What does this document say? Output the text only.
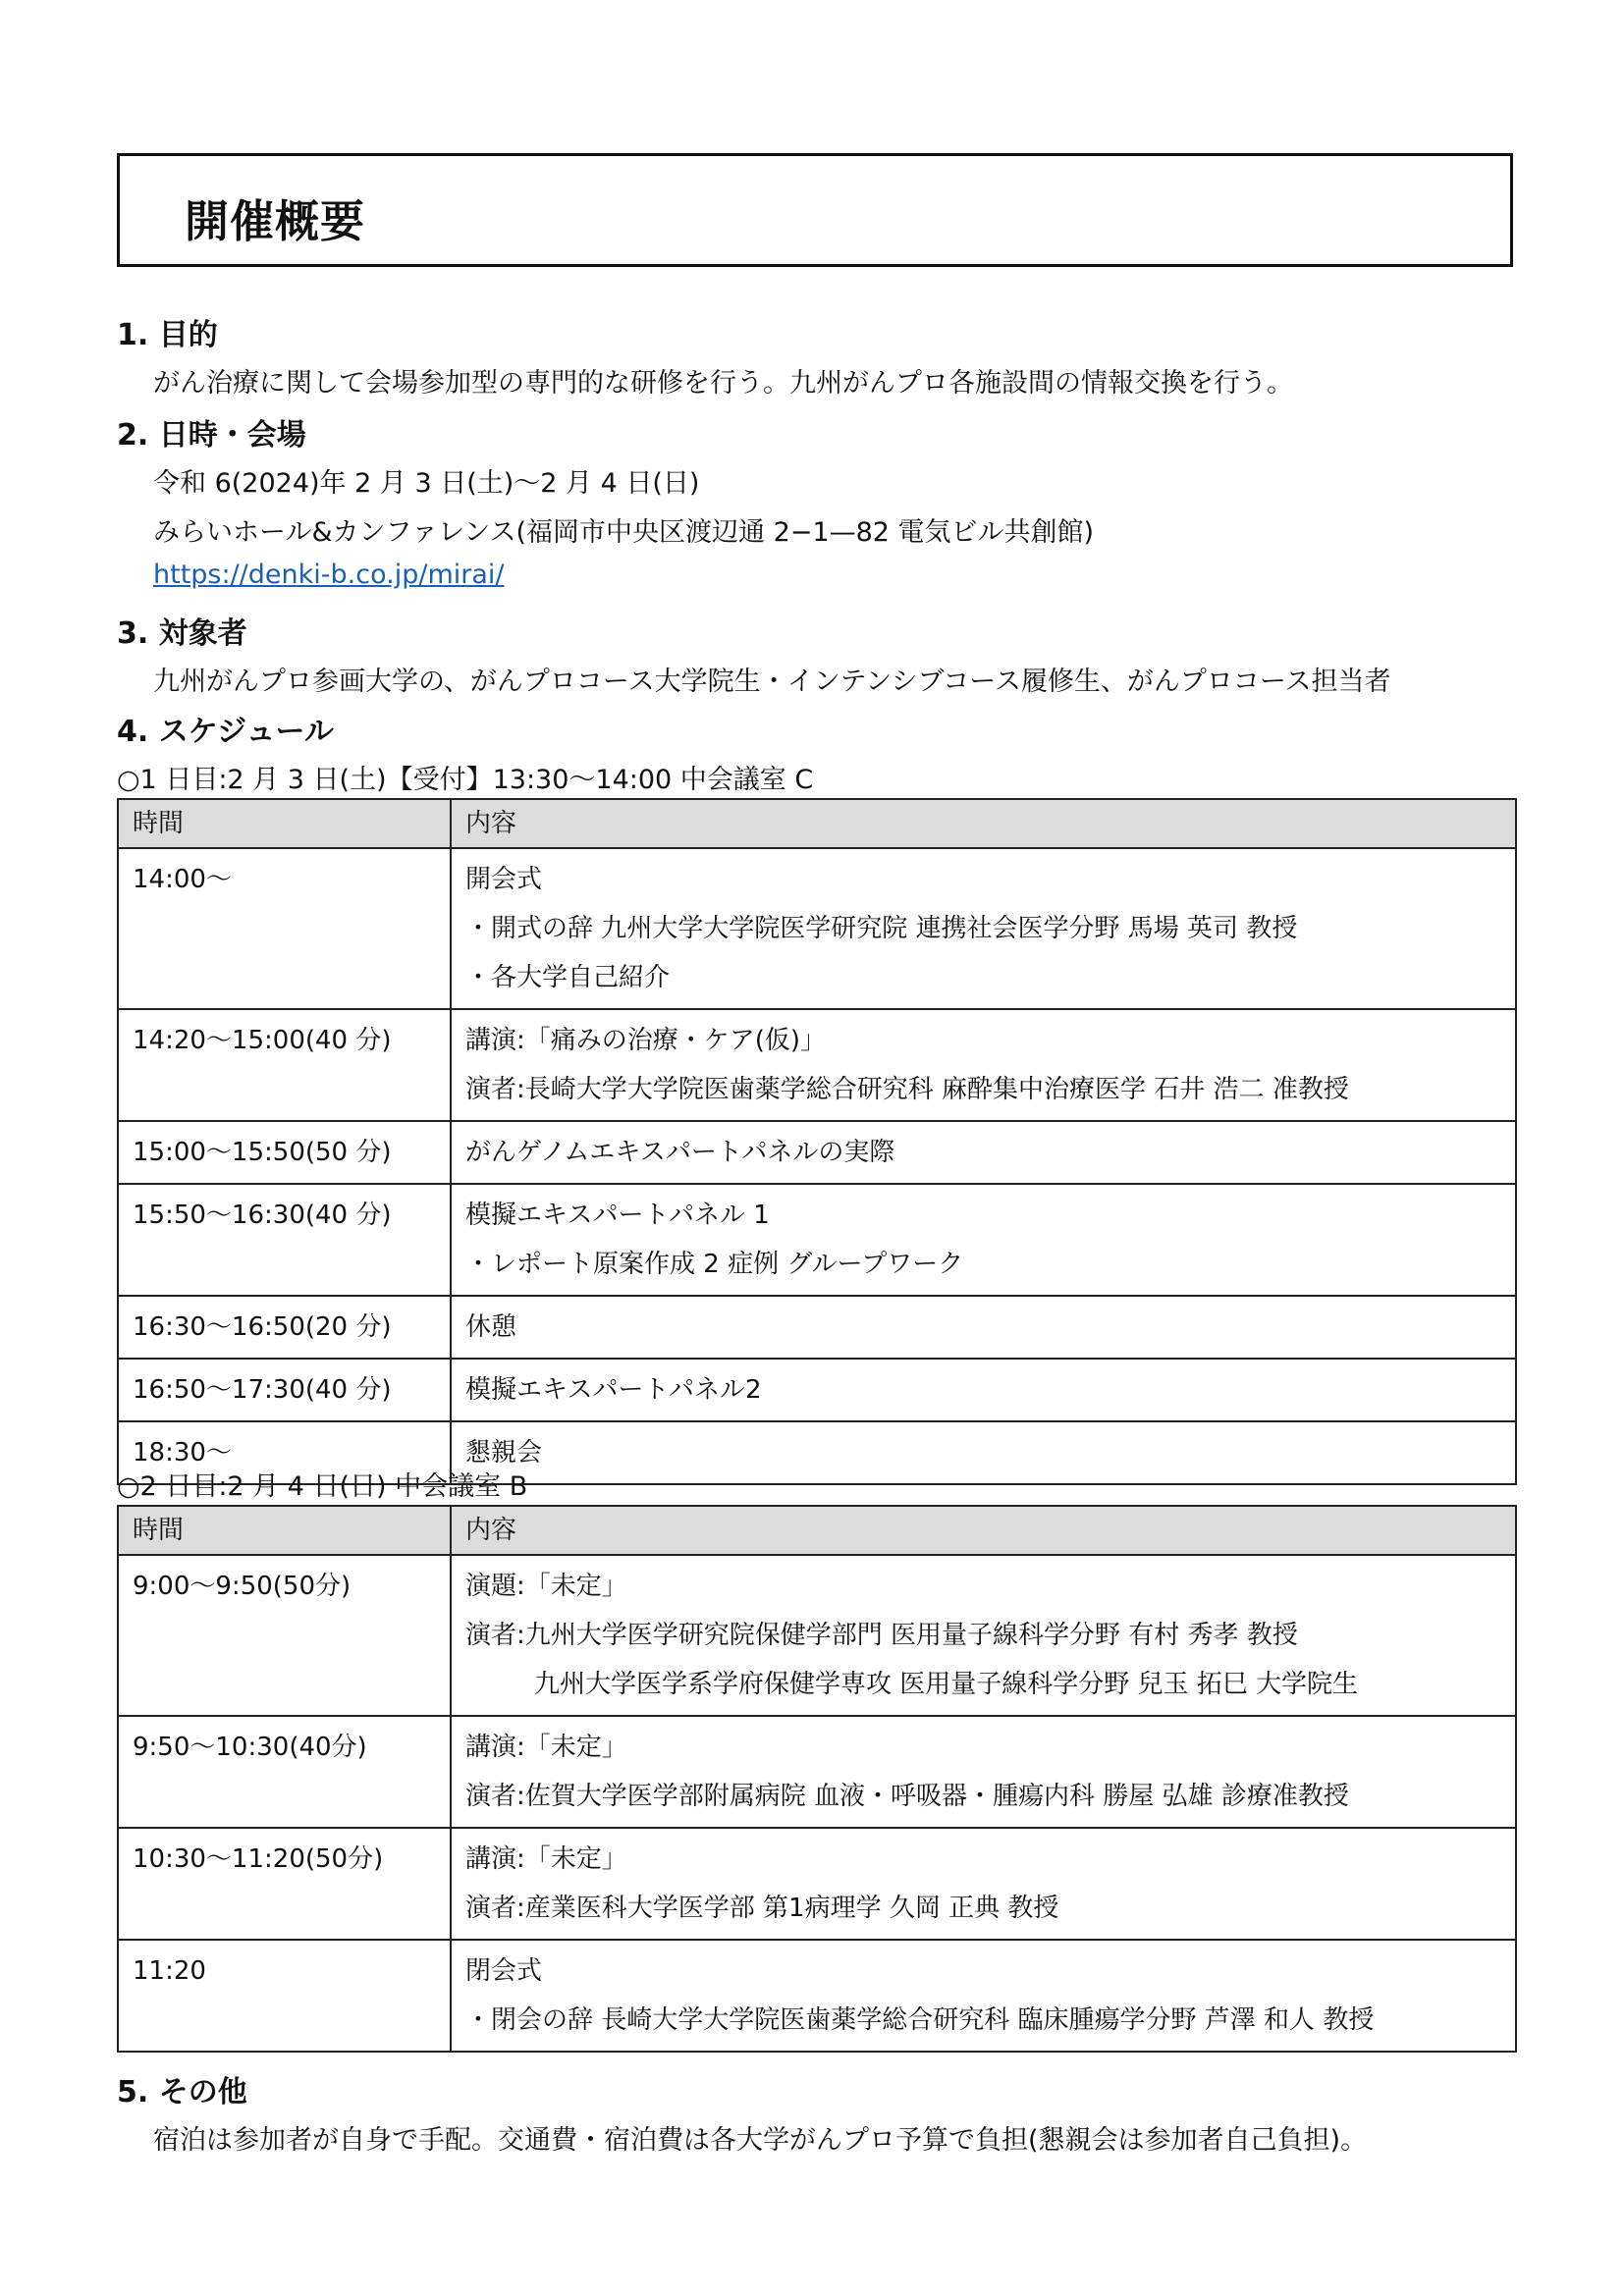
開催概要
1. 目的
がん治療に関して会場参加型の専門的な研修を行う。九州がんプロ各施設間の情報交換を行う。
2. 日時・会場
令和 6(2024)年 2 月 3 日(土)〜2 月 4 日(日)
みらいホール&カンファレンス(福岡市中央区渡辺通 2−1—82 電気ビル共創館)
https://denki-b.co.jp/mirai/
3. 対象者
九州がんプロ参画大学の、がんプロコース大学院生・インテンシブコース履修生、がんプロコース担当者
4. スケジュール
○1 日目:2 月 3 日(土)【受付】13:30〜14:00 中会議室 C
時間	内容

14:00〜	開会式
・開式の辞 九州大学大学院医学研究院 連携社会医学分野 馬場 英司 教授
・各大学自己紹介

14:20〜15:00(40 分)	講演:「痛みの治療・ケア(仮)」
演者:長崎大学大学院医歯薬学総合研究科 麻酔集中治療医学 石井 浩二 准教授

15:00〜15:50(50 分)	がんゲノムエキスパートパネルの実際

15:50〜16:30(40 分)	模擬エキスパートパネル 1
・レポート原案作成 2 症例 グループワーク

16:30〜16:50(20 分)	休憩

16:50〜17:30(40 分)	模擬エキスパートパネル2

18:30〜	懇親会
○2 日目:2 月 4 日(日) 中会議室 B
時間	内容

9:00〜9:50(50分)	演題:「未定」
演者:九州大学医学研究院保健学部門 医用量子線科学分野 有村 秀孝 教授
九州大学医学系学府保健学専攻 医用量子線科学分野 兒玉 拓巳 大学院生

9:50〜10:30(40分)	講演:「未定」
演者:佐賀大学医学部附属病院 血液・呼吸器・腫瘍内科 勝屋 弘雄 診療准教授

10:30〜11:20(50分)	講演:「未定」
演者:産業医科大学医学部 第1病理学 久岡 正典 教授

11:20	閉会式
・閉会の辞 長崎大学大学院医歯薬学総合研究科 臨床腫瘍学分野 芦澤 和人 教授
5. その他
宿泊は参加者が自身で手配。交通費・宿泊費は各大学がんプロ予算で負担(懇親会は参加者自己負担)。
